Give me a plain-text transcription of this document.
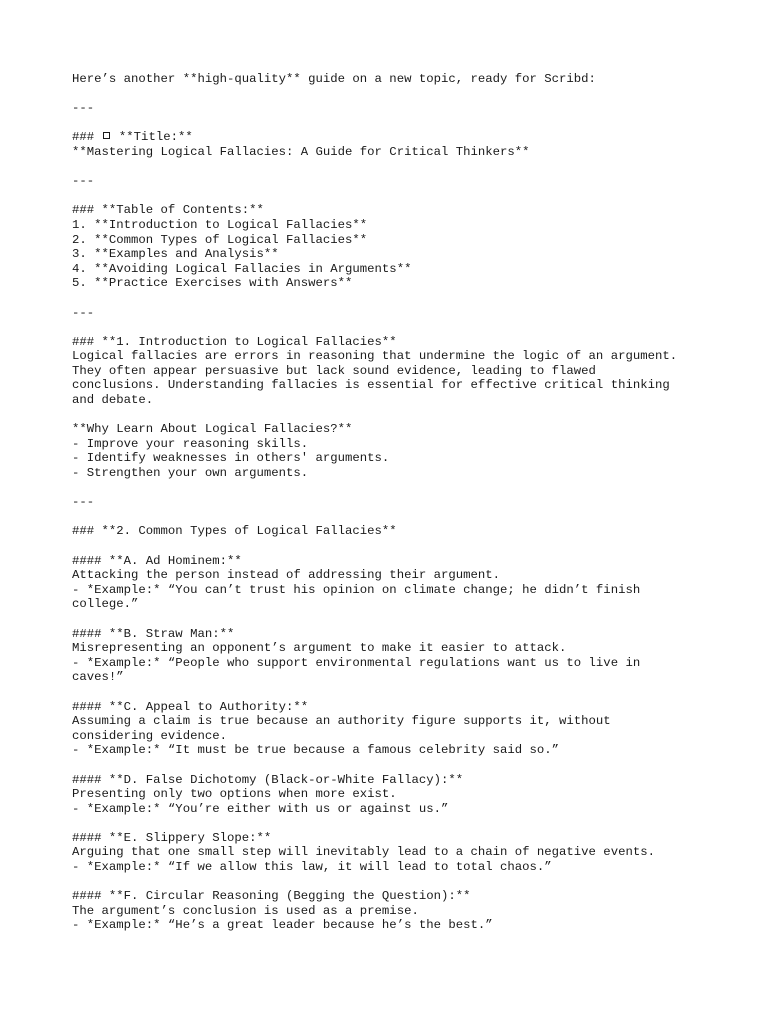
Here’s another **high-quality** guide on a new topic, ready for Scribd:
---
### **Title:**
**Mastering Logical Fallacies: A Guide for Critical Thinkers**
---
### **Table of Contents:**
1. **Introduction to Logical Fallacies**
2. **Common Types of Logical Fallacies**
3. **Examples and Analysis**
4. **Avoiding Logical Fallacies in Arguments**
5. **Practice Exercises with Answers**
---
### **1. Introduction to Logical Fallacies**
Logical fallacies are errors in reasoning that undermine the logic of an argument.
They often appear persuasive but lack sound evidence, leading to flawed
conclusions. Understanding fallacies is essential for effective critical thinking
and debate.
**Why Learn About Logical Fallacies?**
- Improve your reasoning skills.
- Identify weaknesses in others' arguments.
- Strengthen your own arguments.
---
### **2. Common Types of Logical Fallacies**
#### **A. Ad Hominem:**
Attacking the person instead of addressing their argument.
- *Example:* “You can’t trust his opinion on climate change; he didn’t finish
college.”
#### **B. Straw Man:**
Misrepresenting an opponent’s argument to make it easier to attack.
- *Example:* “People who support environmental regulations want us to live in
caves!”
#### **C. Appeal to Authority:**
Assuming a claim is true because an authority figure supports it, without
considering evidence.
- *Example:* “It must be true because a famous celebrity said so.”
#### **D. False Dichotomy (Black-or-White Fallacy):**
Presenting only two options when more exist.
- *Example:* “You’re either with us or against us.”
#### **E. Slippery Slope:**
Arguing that one small step will inevitably lead to a chain of negative events.
- *Example:* “If we allow this law, it will lead to total chaos.”
#### **F. Circular Reasoning (Begging the Question):**
The argument’s conclusion is used as a premise.
- *Example:* “He’s a great leader because he’s the best.”
